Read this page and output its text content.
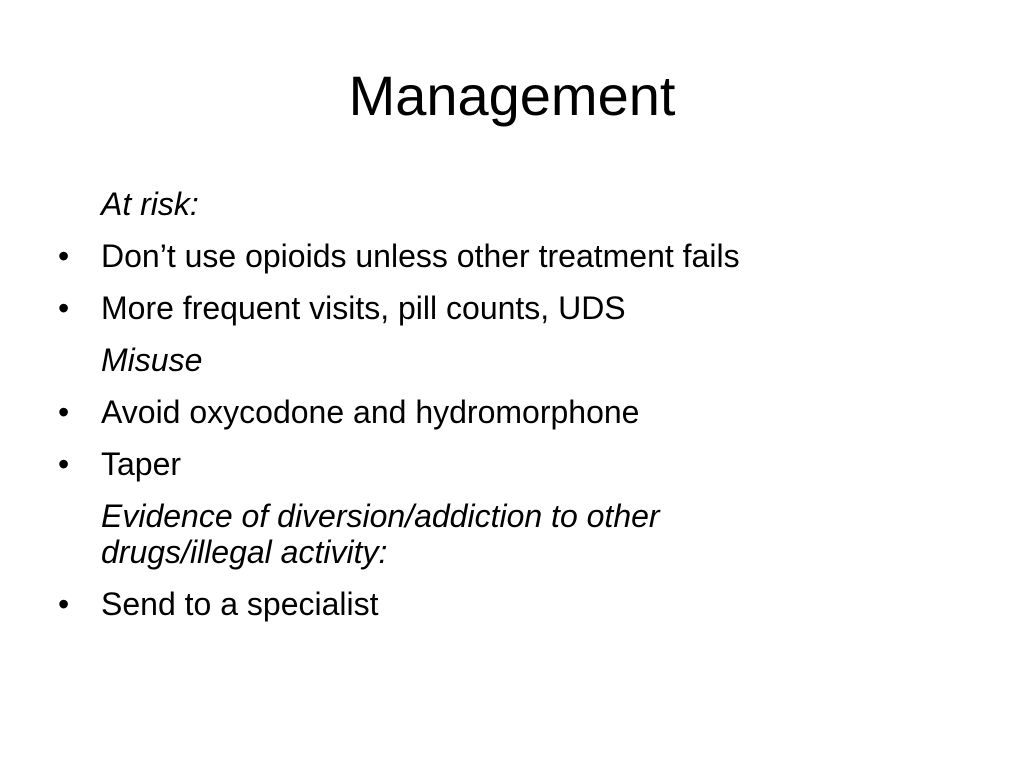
Management
At risk:
• Don’t use opioids unless other treatment fails
• More frequent visits, pill counts, UDS
Misuse
• Avoid oxycodone and hydromorphone
• Taper
Evidence of diversion/addiction to other drugs/illegal activity:
• Send to a specialist
